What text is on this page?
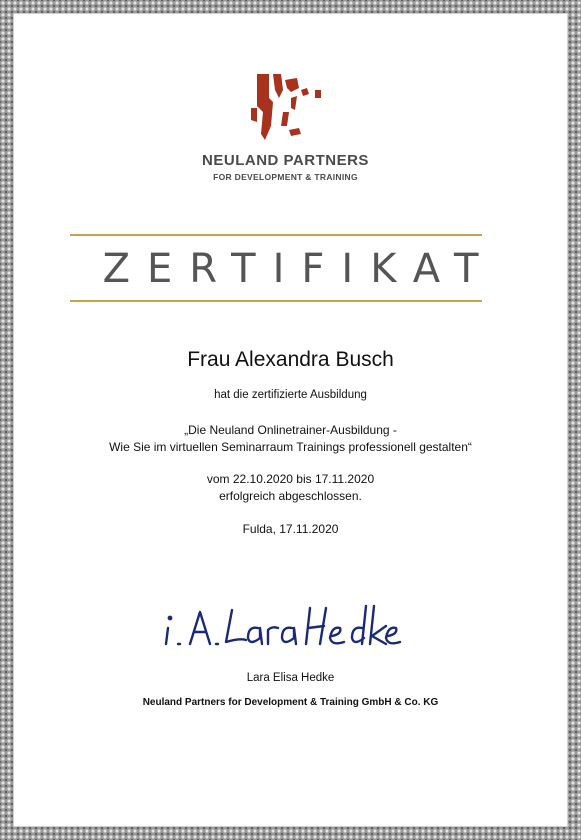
NEULAND PARTNERS
FOR DEVELOPMENT & TRAINING
ZERTIFIKAT
Frau Alexandra Busch
hat die zertifizierte Ausbildung
„Die Neuland Onlinetrainer-Ausbildung -
Wie Sie im virtuellen Seminarraum Trainings professionell gestalten“
vom 22.10.2020 bis 17.11.2020
erfolgreich abgeschlossen.
Fulda, 17.11.2020
Lara Elisa Hedke
Neuland Partners for Development & Training GmbH & Co. KG
